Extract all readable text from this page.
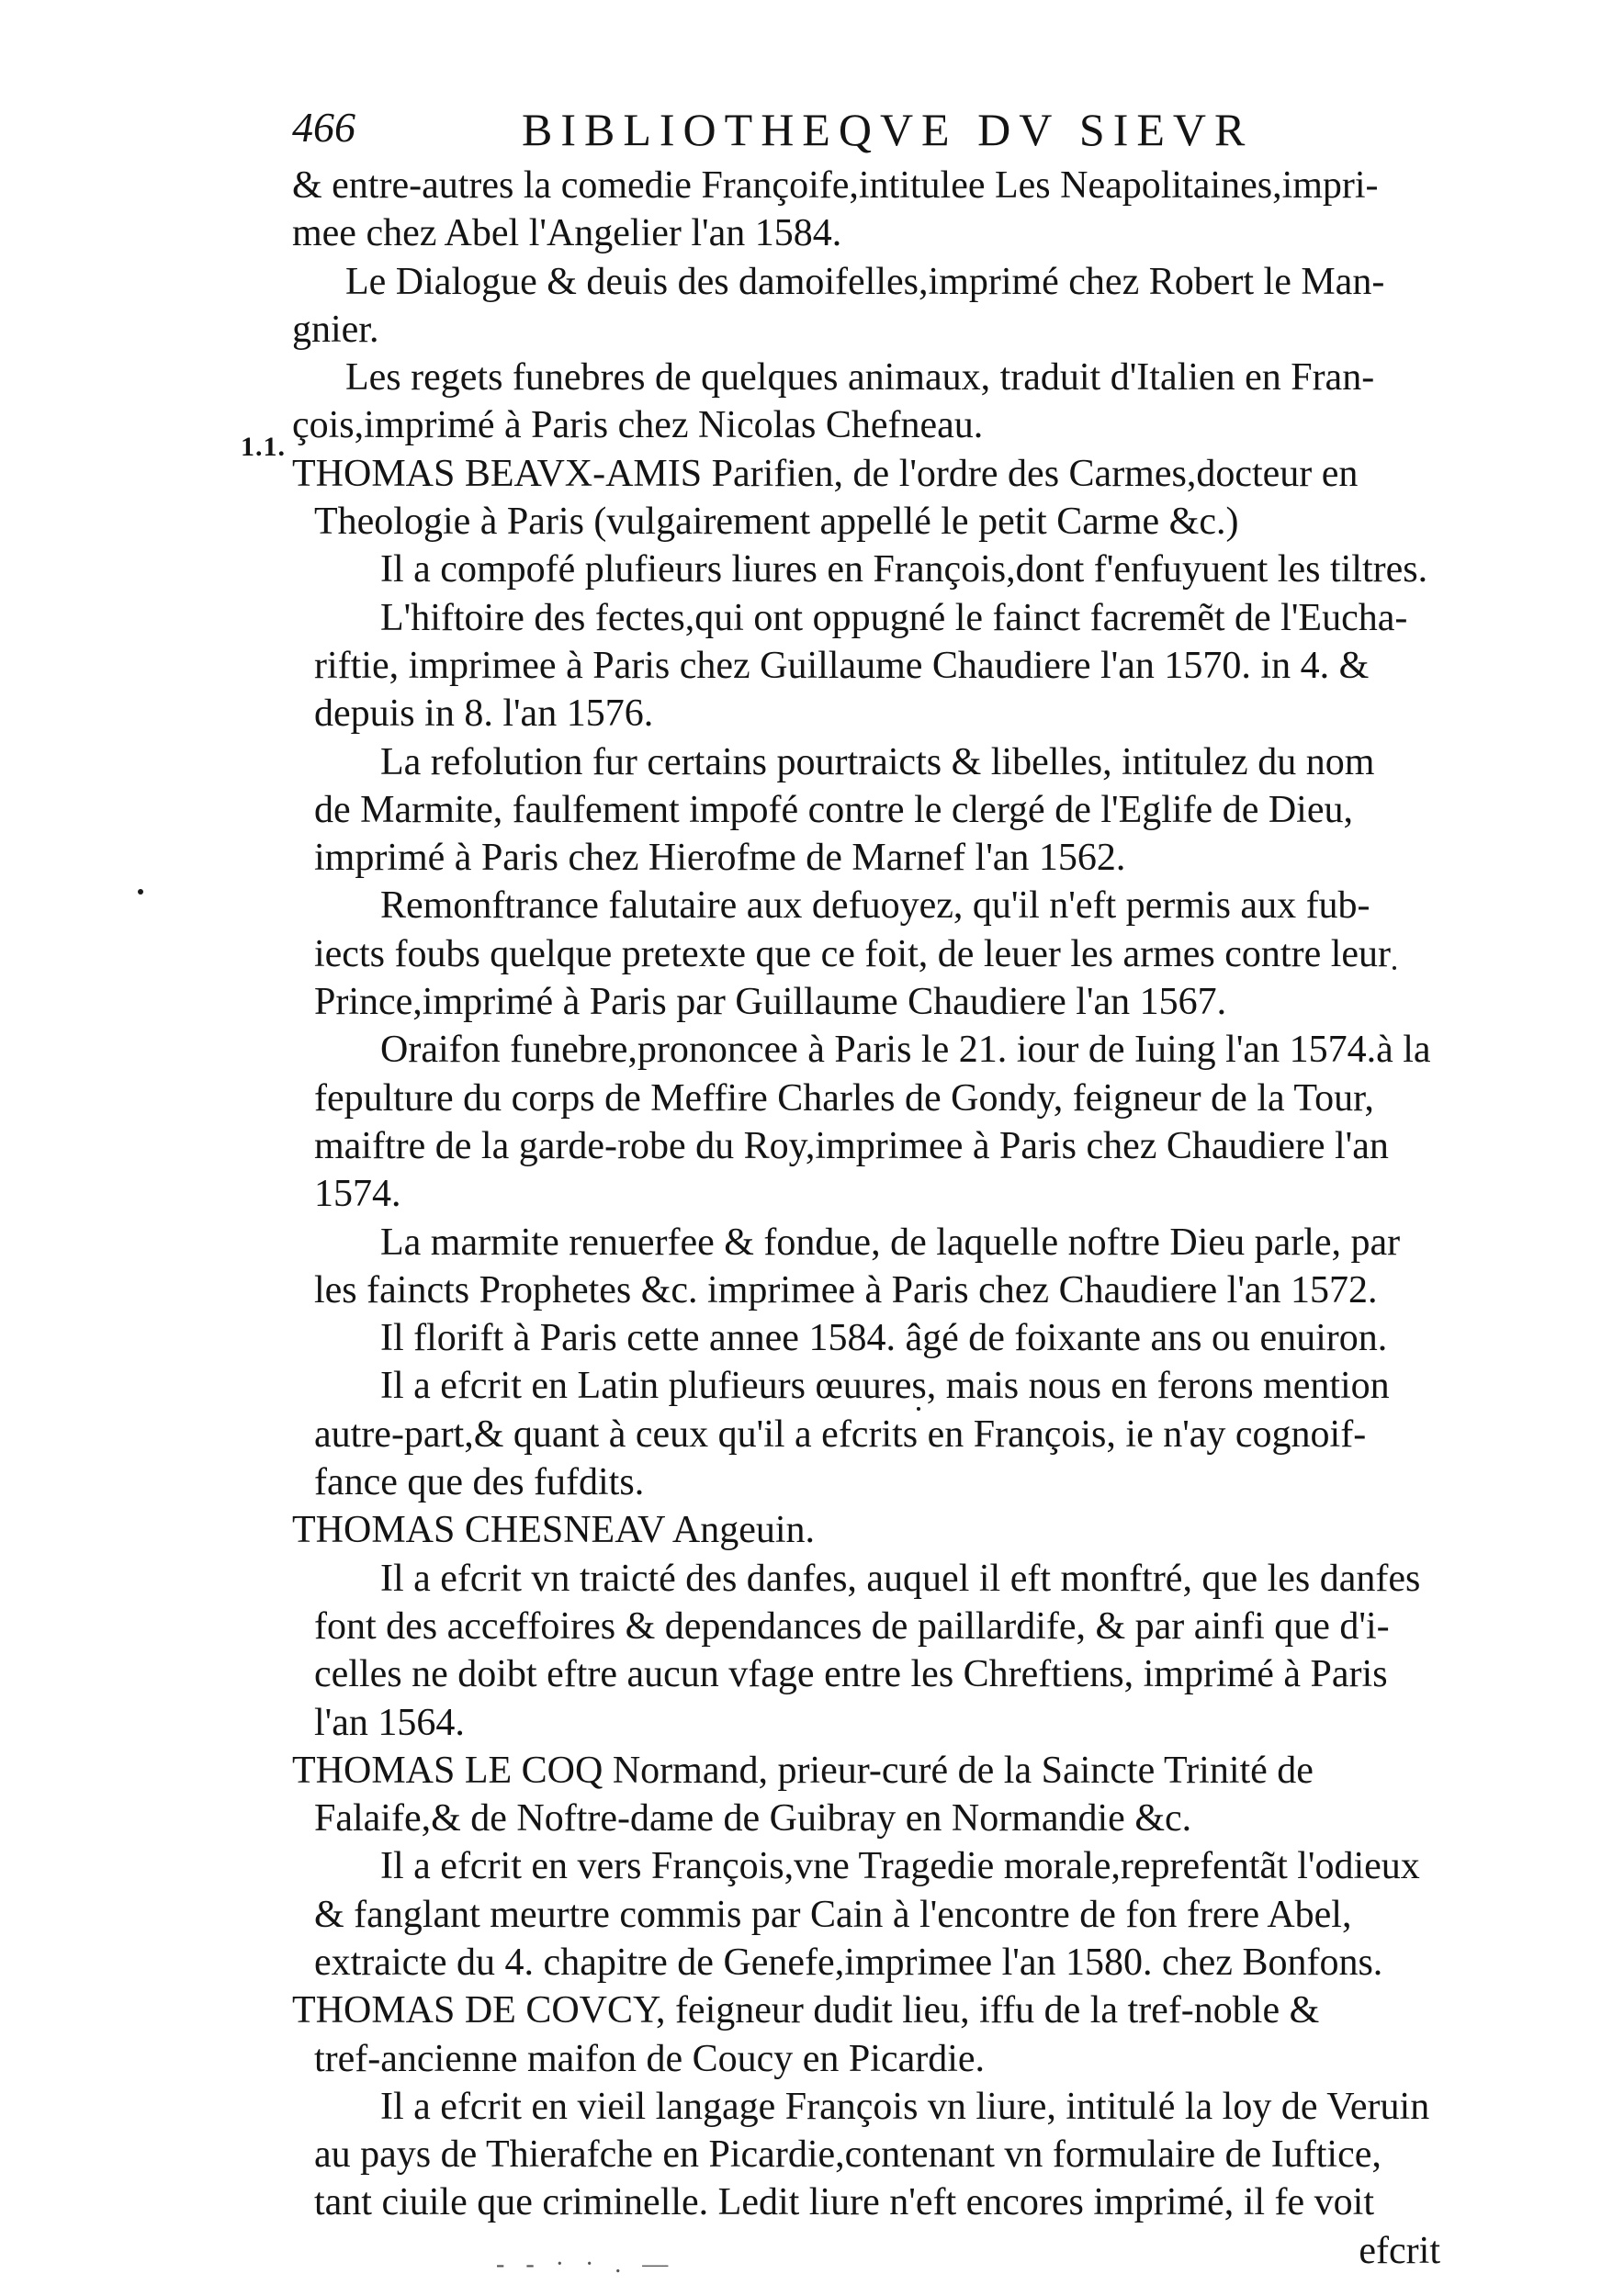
466	BIBLIOTHEQVE DV SIEVR
1.1.
& entre-autres la comedie Françoife,intitulee Les Neapolitaines,impri-
mee chez Abel l'Angelier l'an 1584.
Le Dialogue & deuis des damoifelles,imprimé chez Robert le Man-
gnier.
Les regets funebres de quelques animaux, traduit d'Italien en Fran-
çois,imprimé à Paris chez Nicolas Chefneau.
THOMAS BEAVX-AMIS Parifien, de l'ordre des Carmes,docteur en
Theologie à Paris (vulgairement appellé le petit Carme &c.)
Il a compofé plufieurs liures en François,dont f'enfuyuent les tiltres.
L'hiftoire des fectes,qui ont oppugné le fainct facremẽt de l'Eucha-
riftie, imprimee à Paris chez Guillaume Chaudiere l'an 1570. in 4. &
depuis in 8. l'an 1576.
La refolution fur certains pourtraicts & libelles, intitulez du nom
de Marmite, faulfement impofé contre le clergé de l'Eglife de Dieu,
imprimé à Paris chez Hierofme de Marnef l'an 1562.
Remonftrance falutaire aux defuoyez, qu'il n'eft permis aux fub-
iects foubs quelque pretexte que ce foit, de leuer les armes contre leur
Prince,imprimé à Paris par Guillaume Chaudiere l'an 1567.
Oraifon funebre,prononcee à Paris le 21. iour de Iuing l'an 1574.à la
fepulture du corps de Meffire Charles de Gondy, feigneur de la Tour,
maiftre de la garde-robe du Roy,imprimee à Paris chez Chaudiere l'an
1574.
La marmite renuerfee & fondue, de laquelle noftre Dieu parle, par
les faincts Prophetes &c. imprimee à Paris chez Chaudiere l'an 1572.
Il florift à Paris cette annee 1584. âgé de foixante ans ou enuiron.
Il a efcrit en Latin plufieurs œuures, mais nous en ferons mention
autre-part,& quant à ceux qu'il a efcrits en François, ie n'ay cognoif-
fance que des fufdits.
THOMAS CHESNEAV Angeuin.
Il a efcrit vn traicté des danfes, auquel il eft monftré, que les danfes
font des acceffoires & dependances de paillardife, & par ainfi que d'i-
celles ne doibt eftre aucun vfage entre les Chreftiens, imprimé à Paris
l'an 1564.
THOMAS LE COQ Normand, prieur-curé de la Saincte Trinité de
Falaife,& de Noftre-dame de Guibray en Normandie &c.
Il a efcrit en vers François,vne Tragedie morale,reprefentãt l'odieux
& fanglant meurtre commis par Cain à l'encontre de fon frere Abel,
extraicte du 4. chapitre de Genefe,imprimee l'an 1580. chez Bonfons.
THOMAS DE COVCY, feigneur dudit lieu, iffu de la tref-noble &
tref-ancienne maifon de Coucy en Picardie.
Il a efcrit en vieil langage François vn liure, intitulé la loy de Veruin
au pays de Thierafche en Picardie,contenant vn formulaire de Iuftice,
tant ciuile que criminelle. Ledit liure n'eft encores imprimé, il fe voit
efcrit
- - · · . —
